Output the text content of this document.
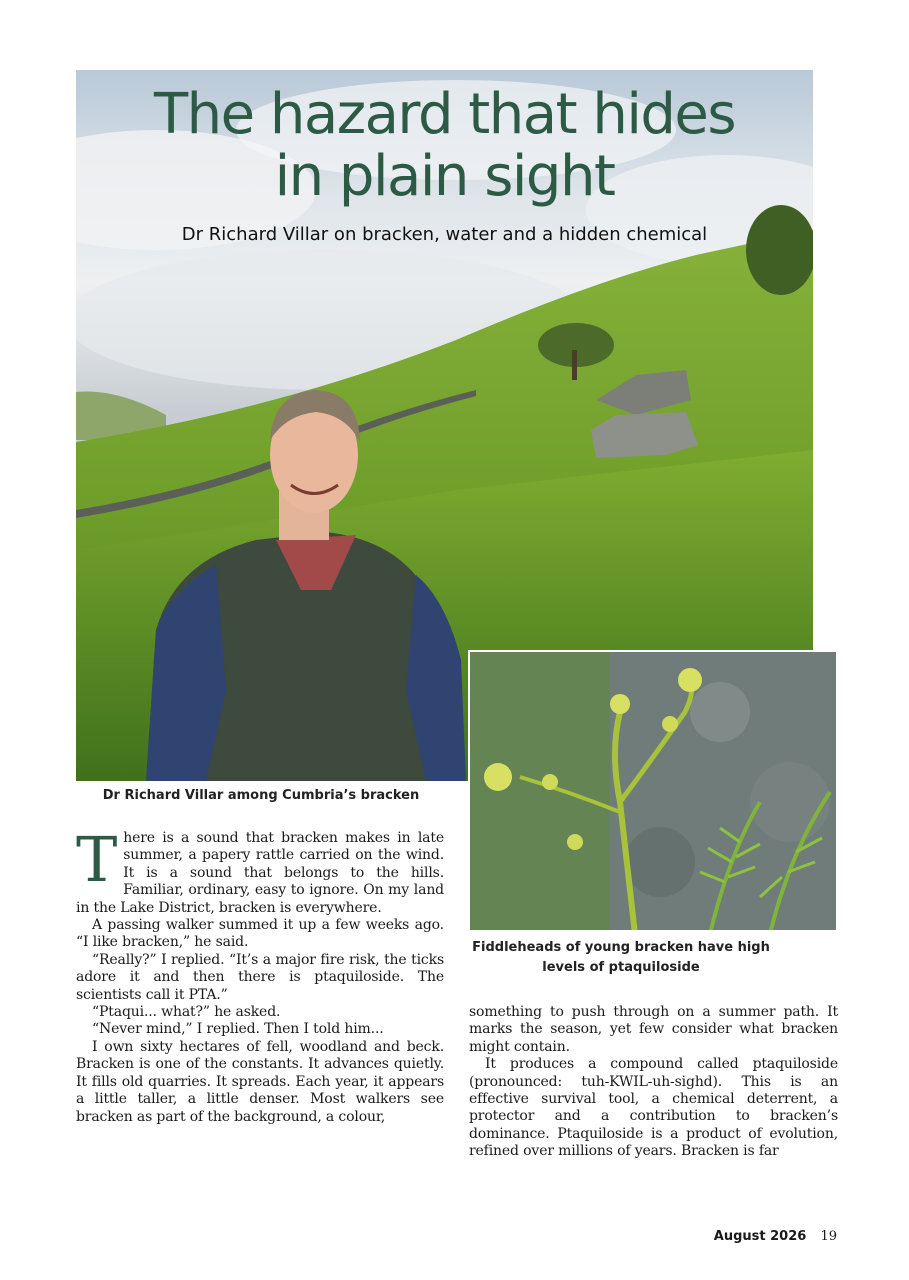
The hazard that hides
in plain sight

Dr Richard Villar on bracken, water and a hidden chemical

Dr Richard Villar among Cumbria’s bracken
Fiddleheads of young bracken have high levels of ptaquiloside

There is a sound that bracken makes in late summer, a papery rattle carried on the wind. It is a sound that belongs to the hills. Familiar, ordinary, easy to ignore. On my land in the Lake District, bracken is everywhere.

A passing walker summed it up a few weeks ago. “I like bracken,” he said.

“Really?” I replied. “It’s a major fire risk, the ticks adore it and then there is ptaquiloside. The scientists call it PTA.”

“Ptaqui... what?” he asked.

“Never mind,” I replied. Then I told him...

I own sixty hectares of fell, woodland and beck. Bracken is one of the constants. It advances quietly. It fills old quarries. It spreads. Each year, it appears a little taller, a little denser. Most walkers see bracken as part of the background, a colour,

something to push through on a summer path. It marks the season, yet few consider what bracken might contain.

It produces a compound called ptaquiloside (pronounced: tuh-KWIL-uh-sighd). This is an effective survival tool, a chemical deterrent, a protector and a contribution to bracken’s dominance. Ptaquiloside is a product of evolution, refined over millions of years. Bracken is far

August 2026 19
